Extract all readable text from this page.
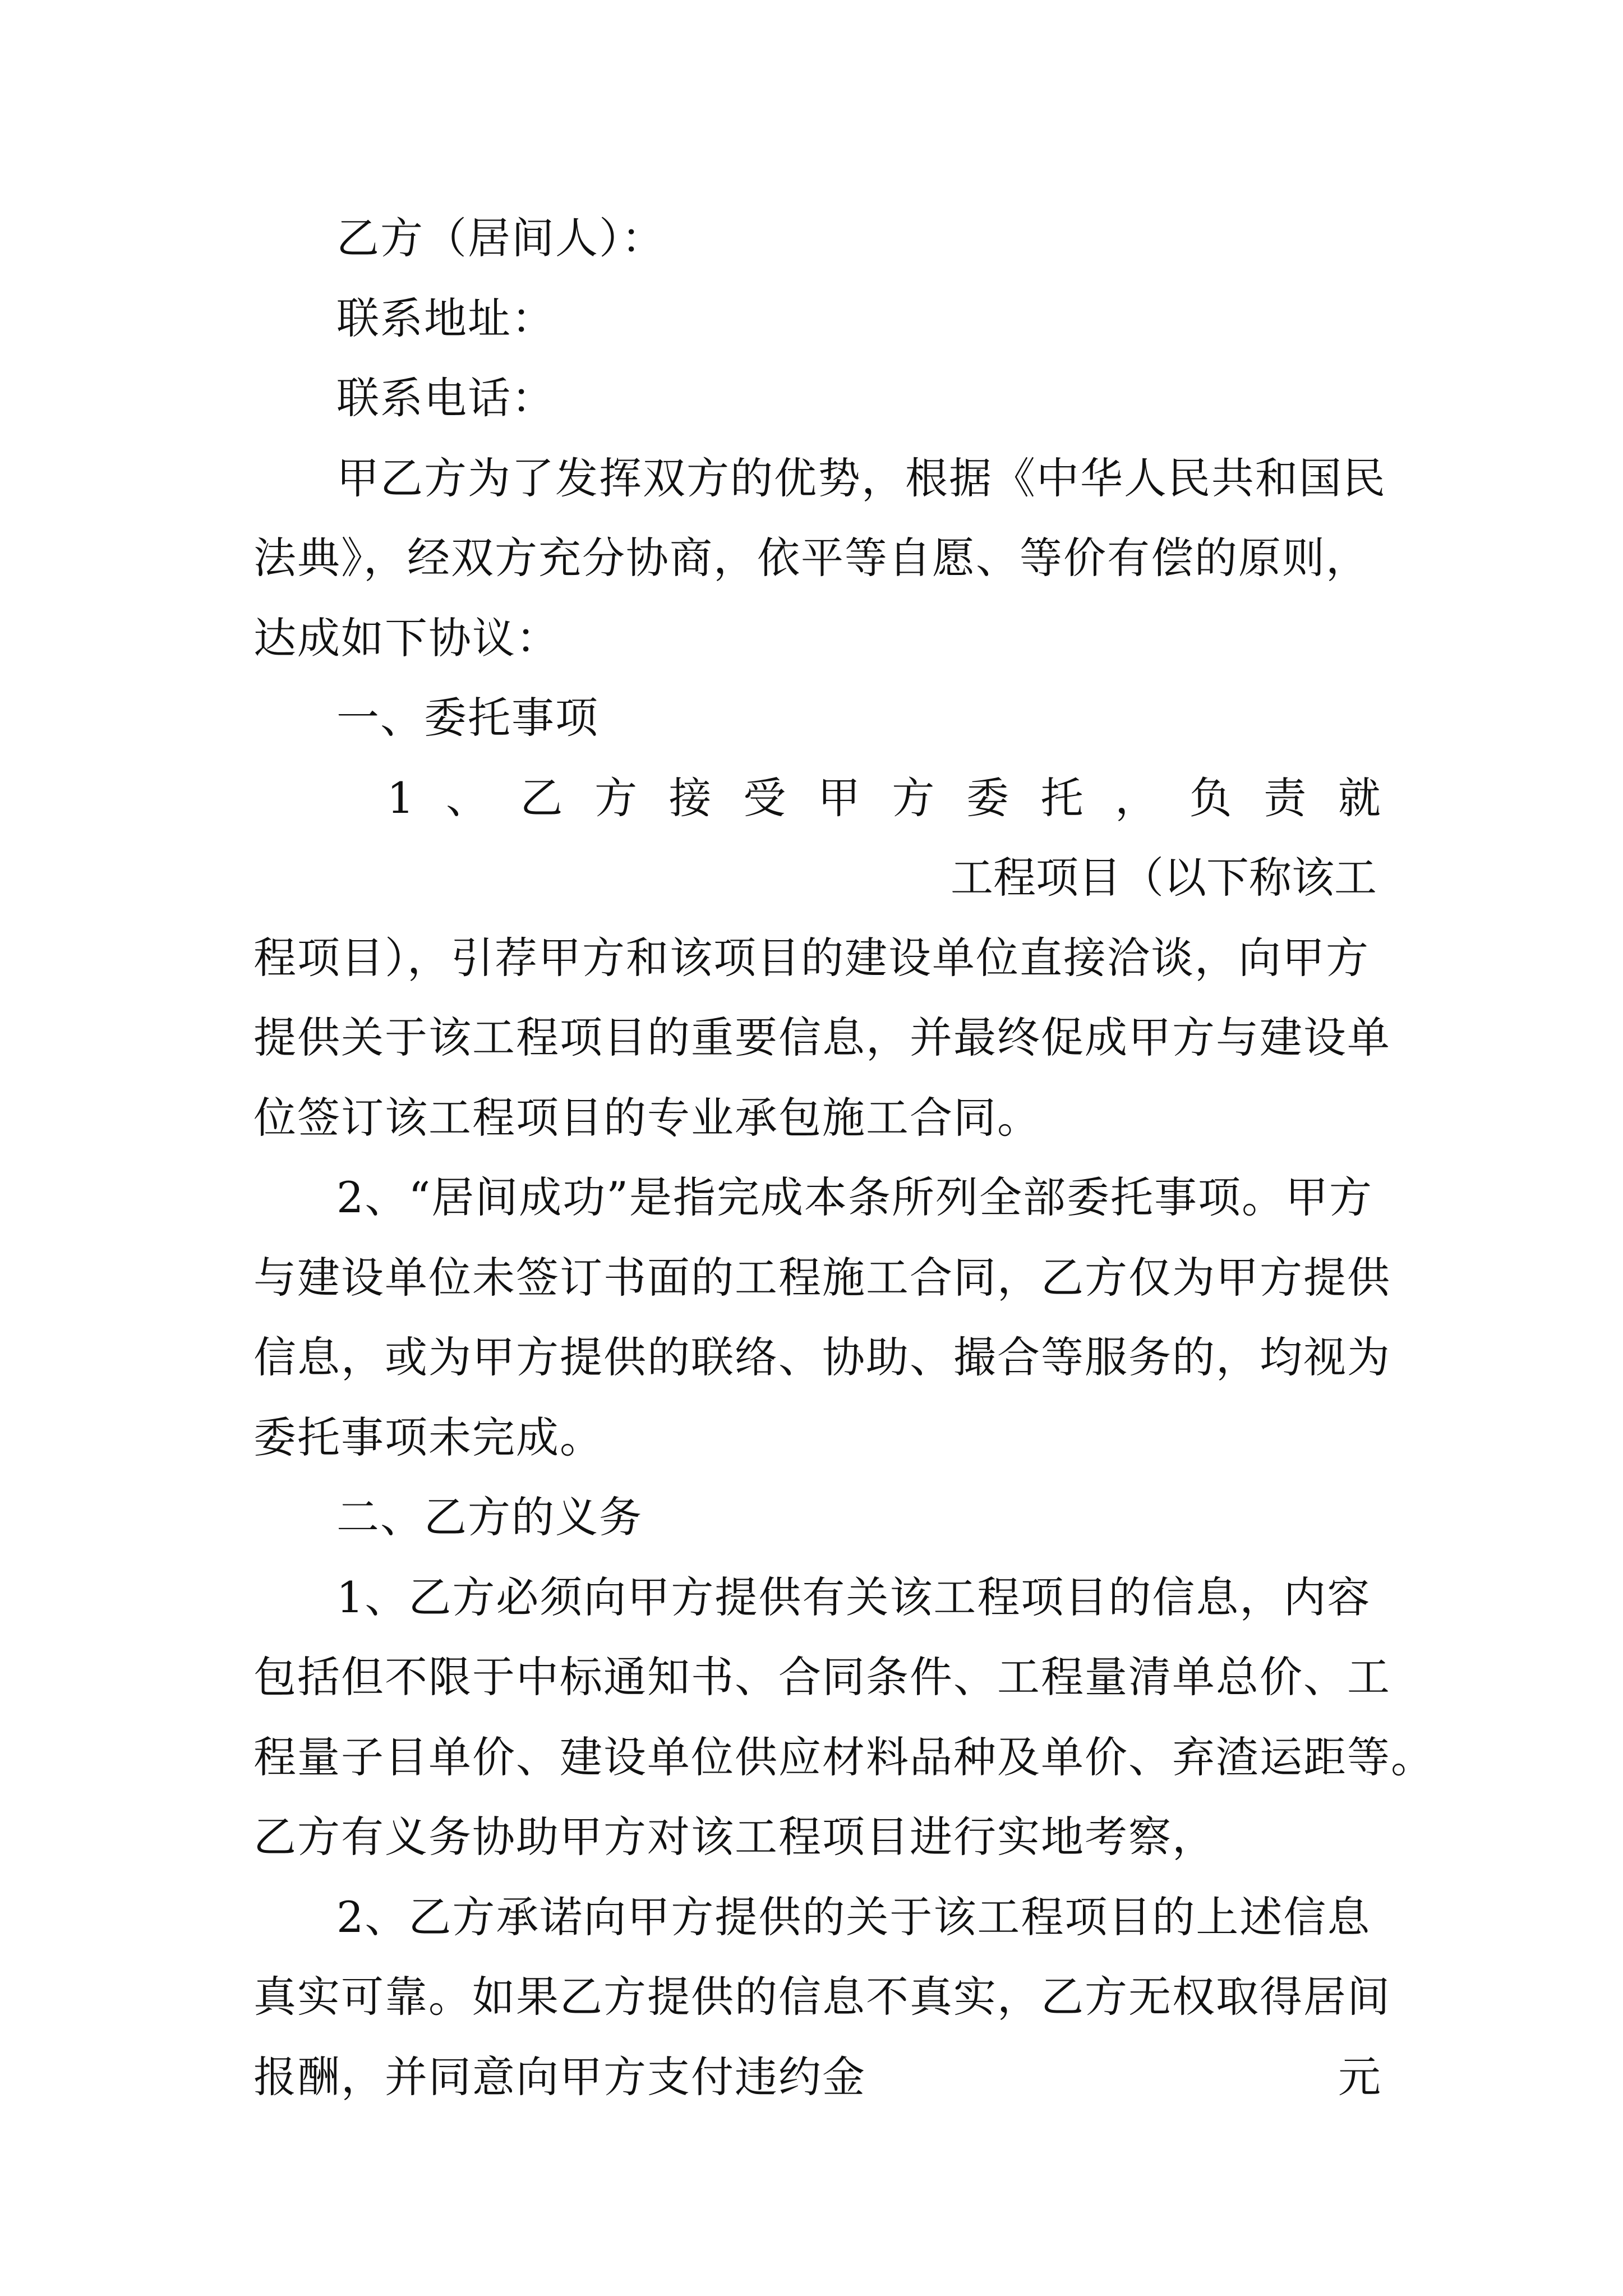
乙方（居间人）：
联系地址：
联系电话：
甲乙方为了发挥双方的优势，根据《中华人民共和国民
法典》，经双方充分协商，依平等自愿、等价有偿的原则，
达成如下协议：
一、委托事项
1 、 乙 方 接 受 甲 方 委 托 ， 负 责 就
工程项目（以下称该工
程项目），引荐甲方和该项目的建设单位直接洽谈，向甲方
提供关于该工程项目的重要信息，并最终促成甲方与建设单
位签订该工程项目的专业承包施工合同。
2、“居间成功”是指完成本条所列全部委托事项。甲方
与建设单位未签订书面的工程施工合同，乙方仅为甲方提供
信息，或为甲方提供的联络、协助、撮合等服务的，均视为
委托事项未完成。
二、乙方的义务
1、乙方必须向甲方提供有关该工程项目的信息，内容
包括但不限于中标通知书、合同条件、工程量清单总价、工
程量子目单价、建设单位供应材料品种及单价、弃渣运距等。
乙方有义务协助甲方对该工程项目进行实地考察，
2、乙方承诺向甲方提供的关于该工程项目的上述信息
真实可靠。如果乙方提供的信息不真实，乙方无权取得居间
报酬，并同意向甲方支付违约金	元
